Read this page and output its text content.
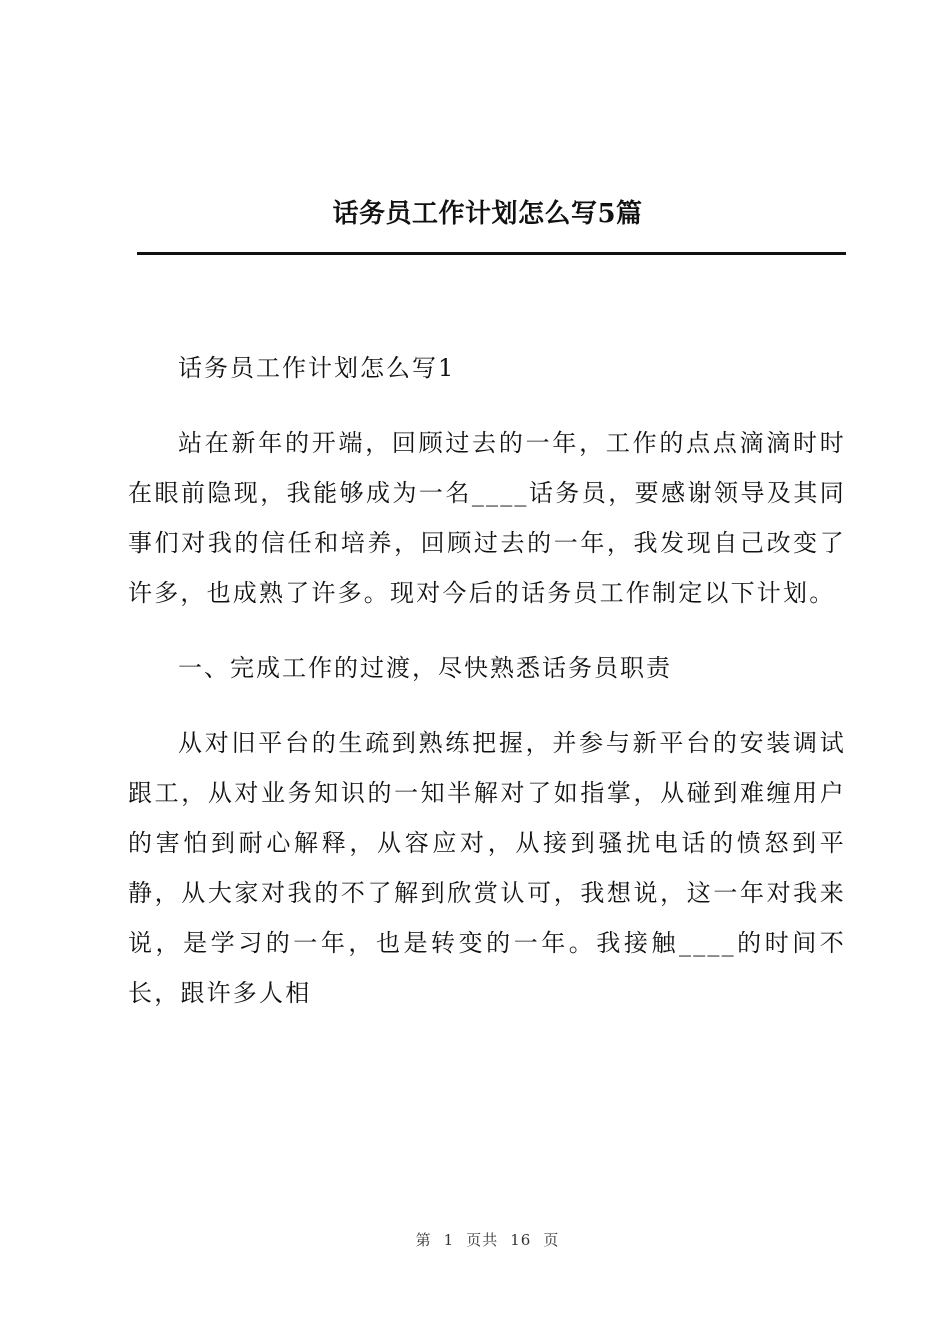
话务员工作计划怎么写5篇

话务员工作计划怎么写1

站在新年的开端，回顾过去的一年，工作的点点滴滴时时在眼前隐现，我能够成为一名____话务员，要感谢领导及其同事们对我的信任和培养，回顾过去的一年，我发现自己改变了许多，也成熟了许多。现对今后的话务员工作制定以下计划。

一、完成工作的过渡，尽快熟悉话务员职责

从对旧平台的生疏到熟练把握，并参与新平台的安装调试跟工，从对业务知识的一知半解对了如指掌，从碰到难缠用户的害怕到耐心解释，从容应对，从接到骚扰电话的愤怒到平静，从大家对我的不了解到欣赏认可，我想说，这一年对我来说，是学习的一年，也是转变的一年。我接触____的时间不长，跟许多人相

第 1 页共 16 页
